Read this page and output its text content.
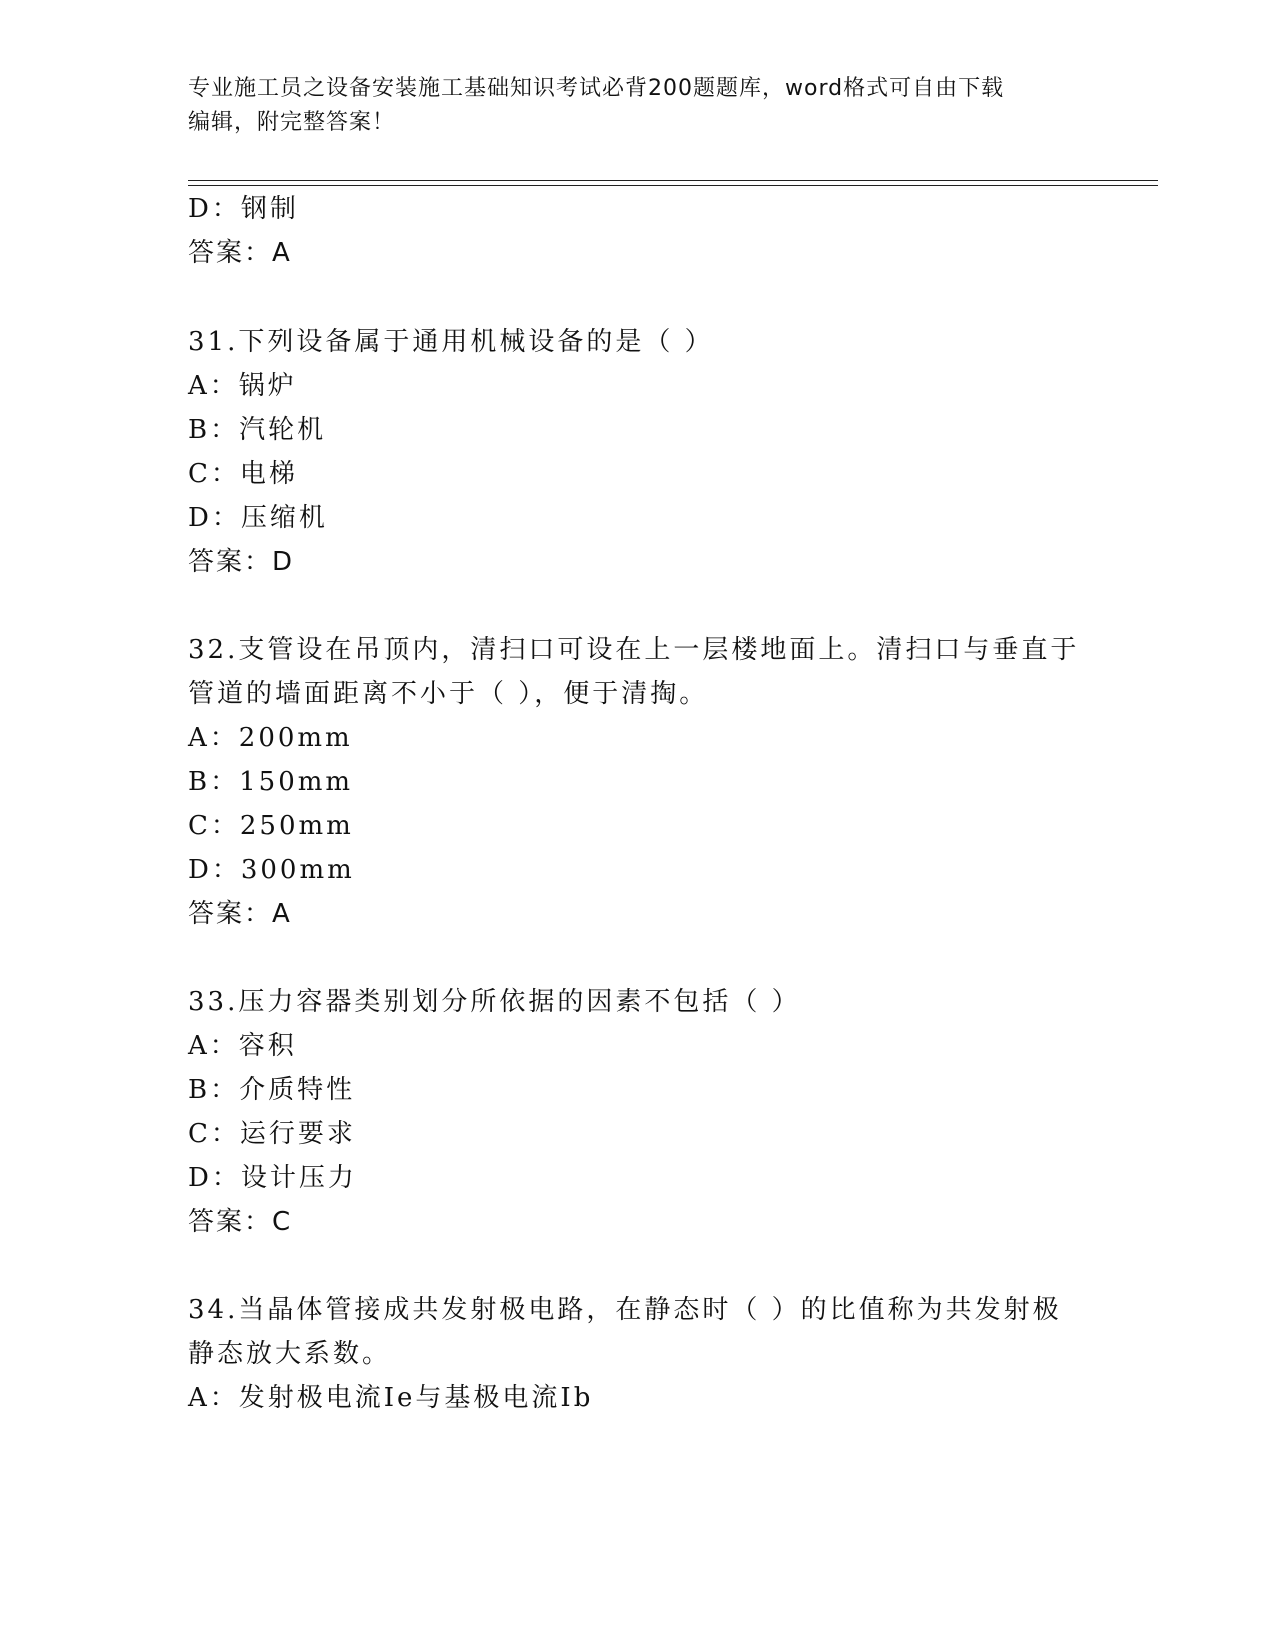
专业施工员之设备安装施工基础知识考试必背200题题库，word格式可自由下载
编辑，附完整答案！
D：钢制
答案：A
31.下列设备属于通用机械设备的是（ ）
A：锅炉
B：汽轮机
C：电梯
D：压缩机
答案：D
32.支管设在吊顶内，清扫口可设在上一层楼地面上。清扫口与垂直于
管道的墙面距离不小于（ ），便于清掏。
A：200mm
B：150mm
C：250mm
D：300mm
答案：A
33.压力容器类别划分所依据的因素不包括（ ）
A：容积
B：介质特性
C：运行要求
D：设计压力
答案：C
34.当晶体管接成共发射极电路，在静态时（ ）的比值称为共发射极
静态放大系数。
A：发射极电流Ie与基极电流Ib
